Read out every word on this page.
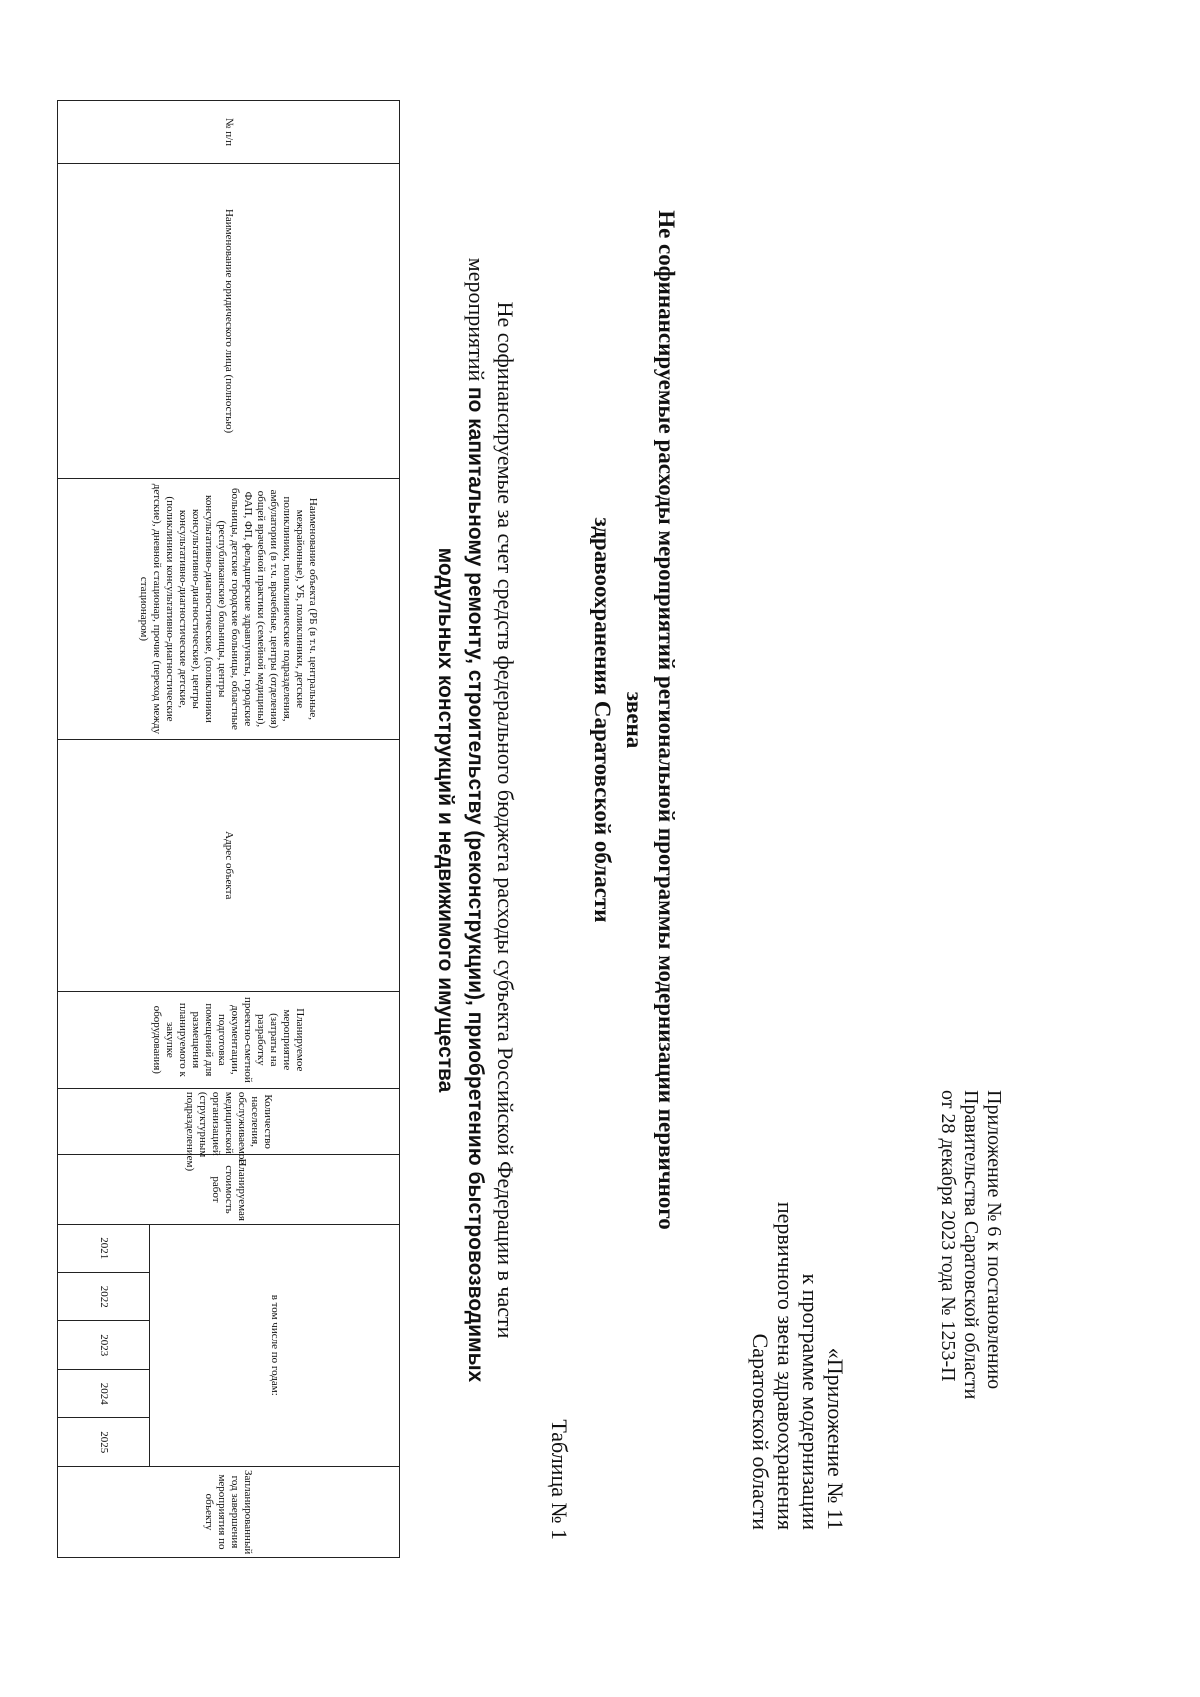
Приложение № 6 к постановлению
Правительства Саратовской области
от 28 декабря 2023 года № 1253-П
«Приложение № 11
к программе модернизации
первичного звена здравоохранения
Саратовской области
Не софинансируемые расходы мероприятий региональной программы модернизации первичного звена
здравоохранения Саратовской области
Таблица № 1
Не софинансируемые за счет средств федерального бюджета расходы субъекта Российской Федерации в части
мероприятий по капитальному ремонту, строительству (реконструкции), приобретению быстровозводимых
модульных конструкций и недвижимого имущества
№ п/п	Наименование юридического лица (полностью)	Наименование объекта (РБ (в т.ч. центральные, межрайонные), УБ, поликлиники, детские поликлиники, поликлинические подразделения, амбулатории (в т.ч. врачебные, центры (отделения) общей врачебной практики (семейной медицины), ФАП, ФП, фельдшерские здравпункты, городские больницы, детские городские больницы, областные (республиканские) больницы, центры консультативно-диагностические, (поликлиники консультативно-диагностические), центры консультативно-диагностические детские, (поликлиники консультативно-диагностические детские), дневной стационар, прочие (переход между стационаром)	Адрес объекта	Планируемое мероприятие (затраты на разработку проектно-сметной документации, подготовка помещений для размещения планируемого к закупке оборудования)	Количество населения, обслуживаемое медицинской организацией (структурным подразделением)	Планируемая стоимость работ	в том числе по годам:					Запланированный год завершения мероприятия по объекту
							2021	2022	2023	2024	2025	
